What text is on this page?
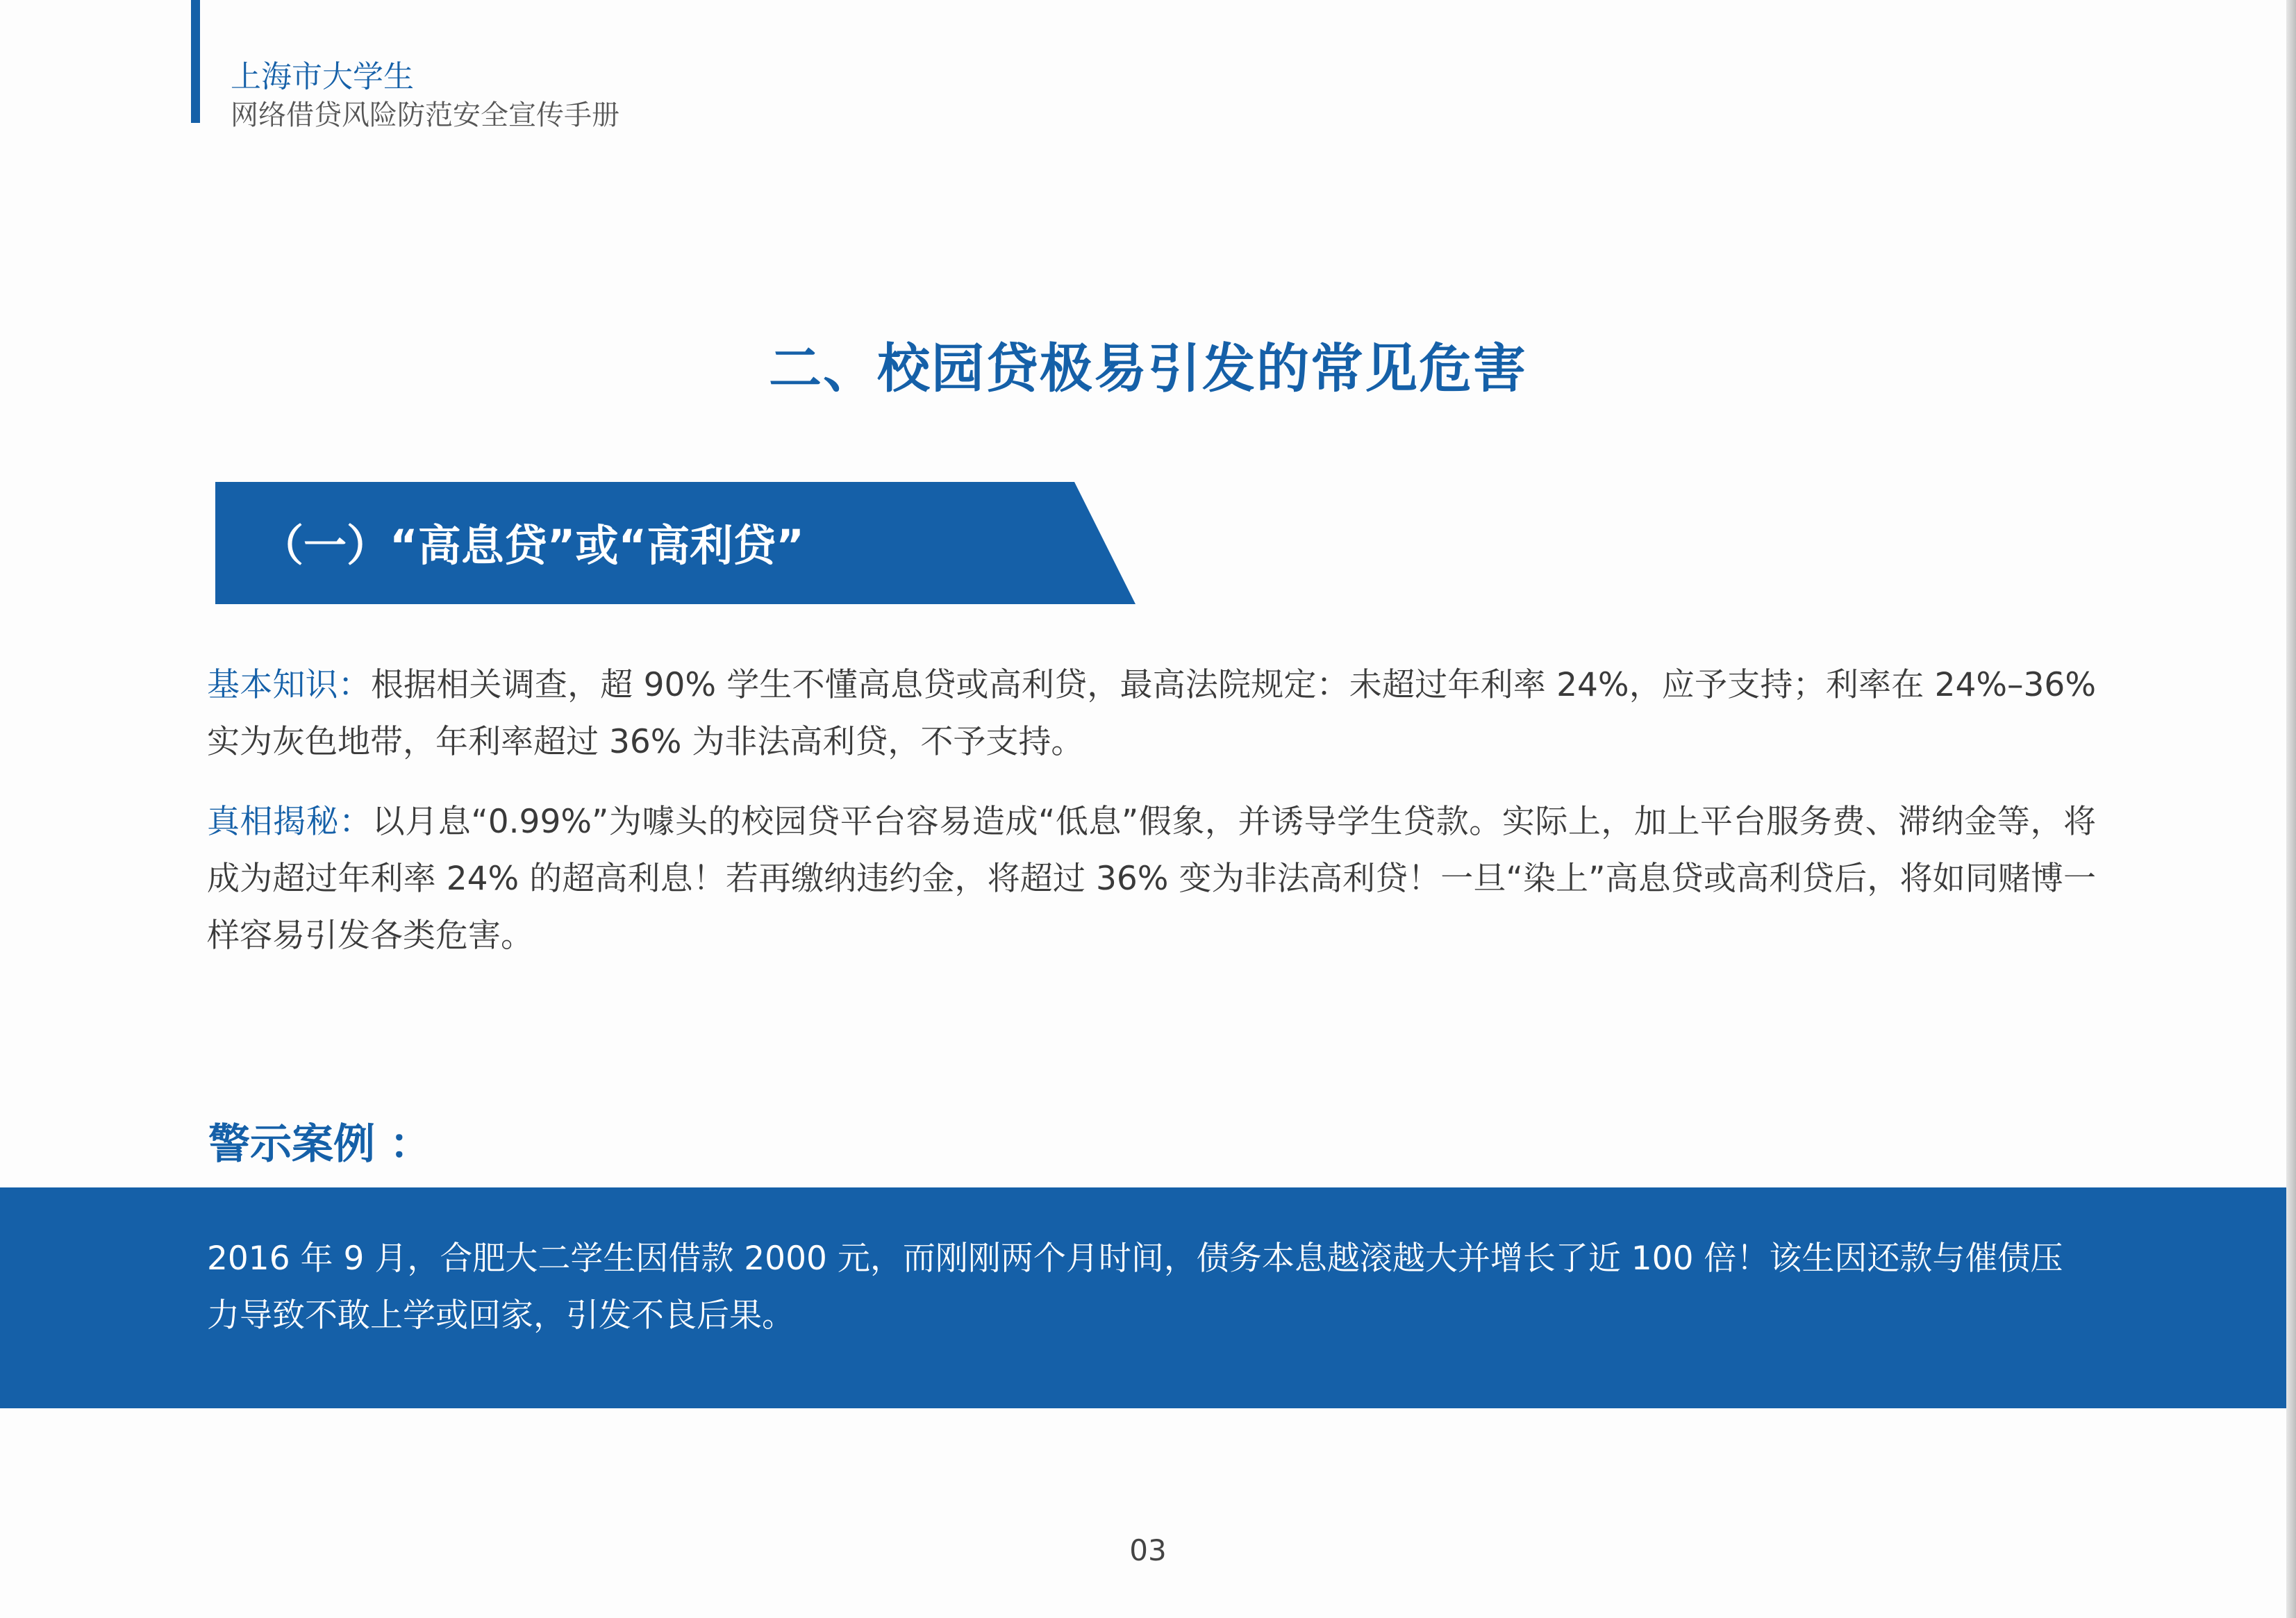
上海市大学生
网络借贷风险防范安全宣传手册
二、校园贷极易引发的常见危害
（一）“高息贷”或“高利贷”
基本知识：根据相关调查，超 90% 学生不懂高息贷或高利贷，最高法院规定：未超过年利率 24%，应予支持；利率在 24%–36% 实为灰色地带，年利率超过 36% 为非法高利贷，不予支持。
真相揭秘：以月息“0.99%”为噱头的校园贷平台容易造成“低息”假象，并诱导学生贷款。实际上，加上平台服务费、滞纳金等，将成为超过年利率 24% 的超高利息！若再缴纳违约金，将超过 36% 变为非法高利贷！一旦“染上”高息贷或高利贷后，将如同赌博一样容易引发各类危害。
警示案例 ：
2016 年 9 月，合肥大二学生因借款 2000 元，而刚刚两个月时间，债务本息越滚越大并增长了近 100 倍！该生因还款与催债压力导致不敢上学或回家，引发不良后果。
03
